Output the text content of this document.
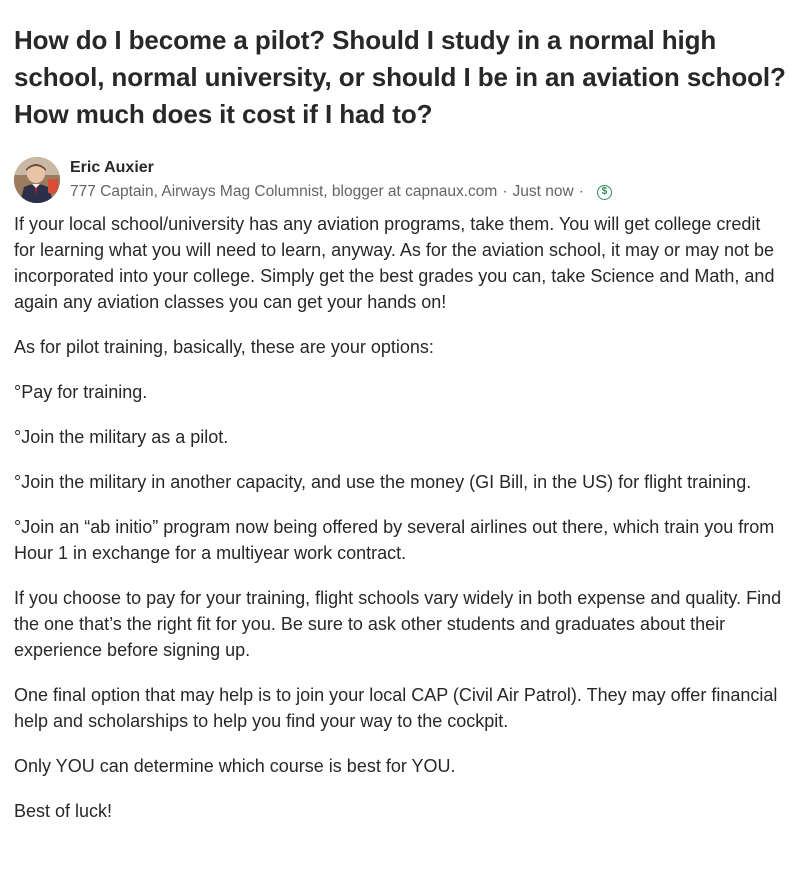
How do I become a pilot? Should I study in a normal high school, normal university, or should I be in an aviation school? How much does it cost if I had to?
Eric Auxier
777 Captain, Airways Mag Columnist, blogger at capnaux.com · Just now ·	$

If your local school/university has any aviation programs, take them. You will get college credit for learning what you will need to learn, anyway. As for the aviation school, it may or may not be incorporated into your college. Simply get the best grades you can, take Science and Math, and again any aviation classes you can get your hands on!

As for pilot training, basically, these are your options:

°Pay for training.

°Join the military as a pilot.

°Join the military in another capacity, and use the money (GI Bill, in the US) for flight training.

°Join an “ab initio” program now being offered by several airlines out there, which train you from Hour 1 in exchange for a multiyear work contract.

If you choose to pay for your training, flight schools vary widely in both expense and quality. Find the one that’s the right fit for you. Be sure to ask other students and graduates about their experience before signing up.

One final option that may help is to join your local CAP (Civil Air Patrol). They may offer financial help and scholarships to help you find your way to the cockpit.

Only YOU can determine which course is best for YOU.

Best of luck!
